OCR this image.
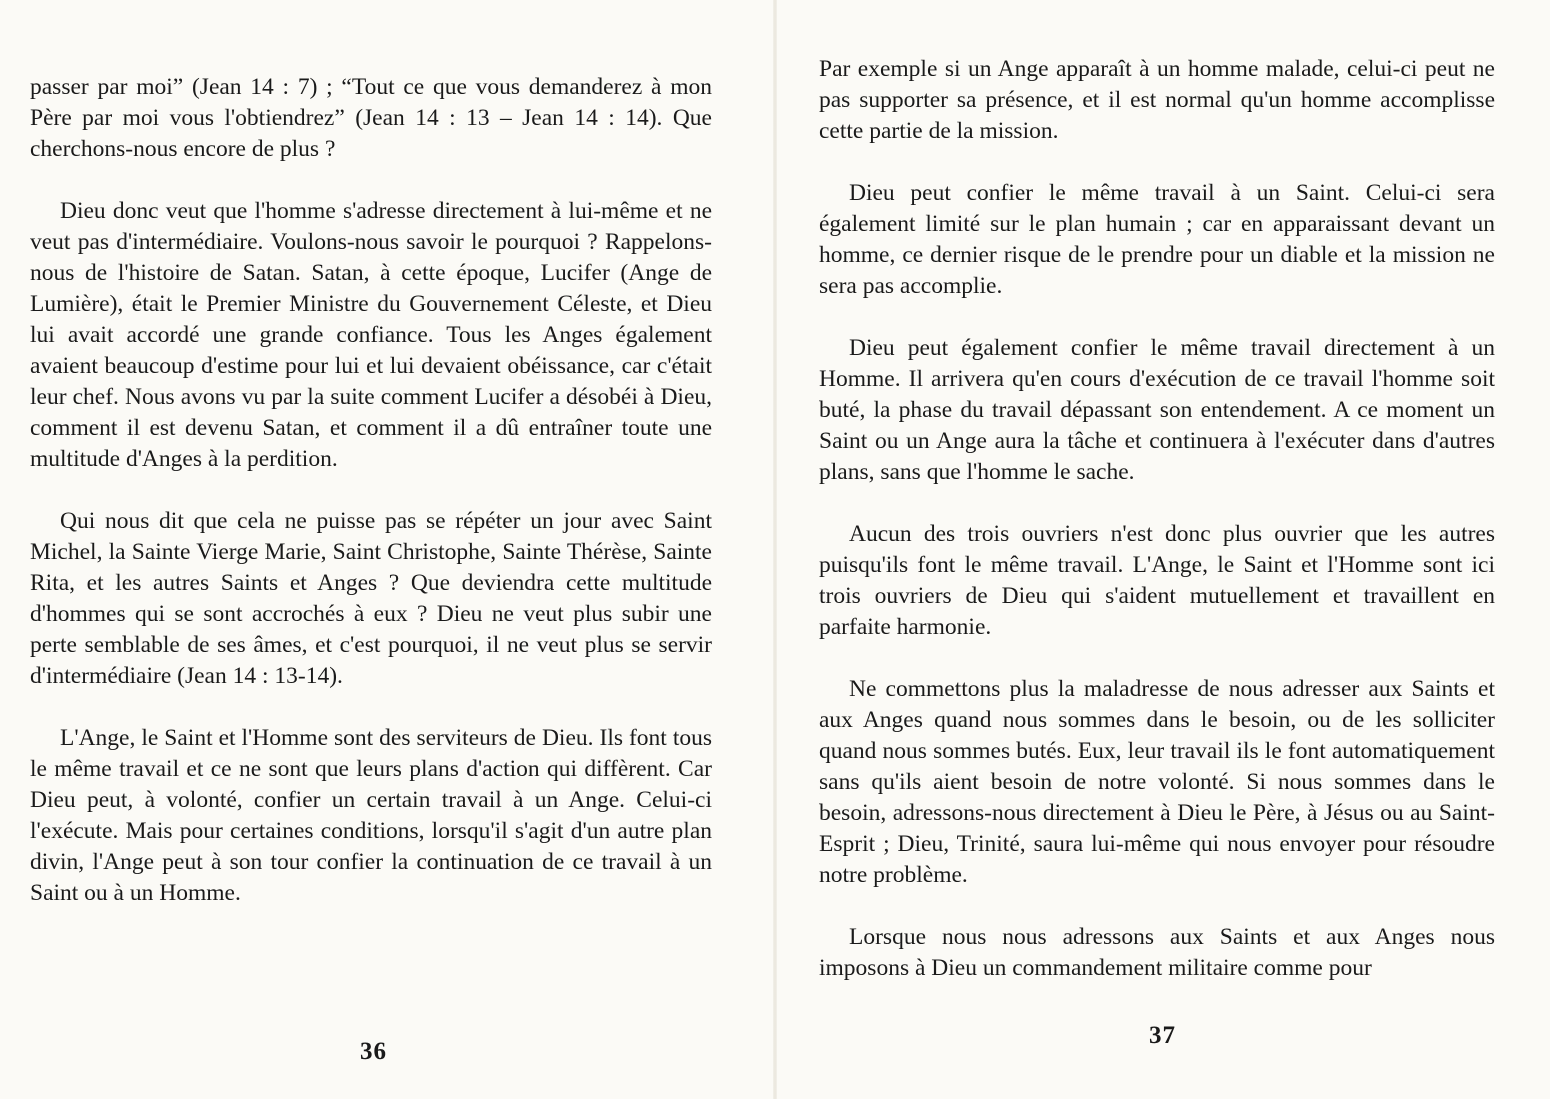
passer par moi” (Jean 14 : 7) ; “Tout ce que vous demanderez à mon Père par moi vous l'obtiendrez” (Jean 14 : 13 – Jean 14 : 14). Que cherchons-nous encore de plus ?

Dieu donc veut que l'homme s'adresse directement à lui-même et ne veut pas d'intermédiaire. Voulons-nous savoir le pourquoi ? Rappelons-nous de l'histoire de Satan. Satan, à cette époque, Lucifer (Ange de Lumière), était le Premier Ministre du Gouvernement Céleste, et Dieu lui avait accordé une grande confiance. Tous les Anges également avaient beaucoup d'estime pour lui et lui devaient obéissance, car c'était leur chef. Nous avons vu par la suite comment Lucifer a désobéi à Dieu, comment il est devenu Satan, et comment il a dû entraîner toute une multitude d'Anges à la perdition.

Qui nous dit que cela ne puisse pas se répéter un jour avec Saint Michel, la Sainte Vierge Marie, Saint Christophe, Sainte Thérèse, Sainte Rita, et les autres Saints et Anges ? Que deviendra cette multitude d'hommes qui se sont accrochés à eux ? Dieu ne veut plus subir une perte semblable de ses âmes, et c'est pourquoi, il ne veut plus se servir d'intermédiaire (Jean 14 : 13-14).

L'Ange, le Saint et l'Homme sont des serviteurs de Dieu. Ils font tous le même travail et ce ne sont que leurs plans d'action qui diffèrent. Car Dieu peut, à volonté, confier un certain travail à un Ange. Celui-ci l'exécute. Mais pour certaines conditions, lorsqu'il s'agit d'un autre plan divin, l'Ange peut à son tour confier la continuation de ce travail à un Saint ou à un Homme.

36

Par exemple si un Ange apparaît à un homme malade, celui-ci peut ne pas supporter sa présence, et il est normal qu'un homme accomplisse cette partie de la mission.

Dieu peut confier le même travail à un Saint. Celui-ci sera également limité sur le plan humain ; car en apparaissant devant un homme, ce dernier risque de le prendre pour un diable et la mission ne sera pas accomplie.

Dieu peut également confier le même travail directement à un Homme. Il arrivera qu'en cours d'exécution de ce travail l'homme soit buté, la phase du travail dépassant son entendement. A ce moment un Saint ou un Ange aura la tâche et continuera à l'exécuter dans d'autres plans, sans que l'homme le sache.

Aucun des trois ouvriers n'est donc plus ouvrier que les autres puisqu'ils font le même travail. L'Ange, le Saint et l'Homme sont ici trois ouvriers de Dieu qui s'aident mutuellement et travaillent en parfaite harmonie.

Ne commettons plus la maladresse de nous adresser aux Saints et aux Anges quand nous sommes dans le besoin, ou de les solliciter quand nous sommes butés. Eux, leur travail ils le font automatiquement sans qu'ils aient besoin de notre volonté. Si nous sommes dans le besoin, adressons-nous directement à Dieu le Père, à Jésus ou au Saint-Esprit ; Dieu, Trinité, saura lui-même qui nous envoyer pour résoudre notre problème.

Lorsque nous nous adressons aux Saints et aux Anges nous imposons à Dieu un commandement militaire comme pour

37
